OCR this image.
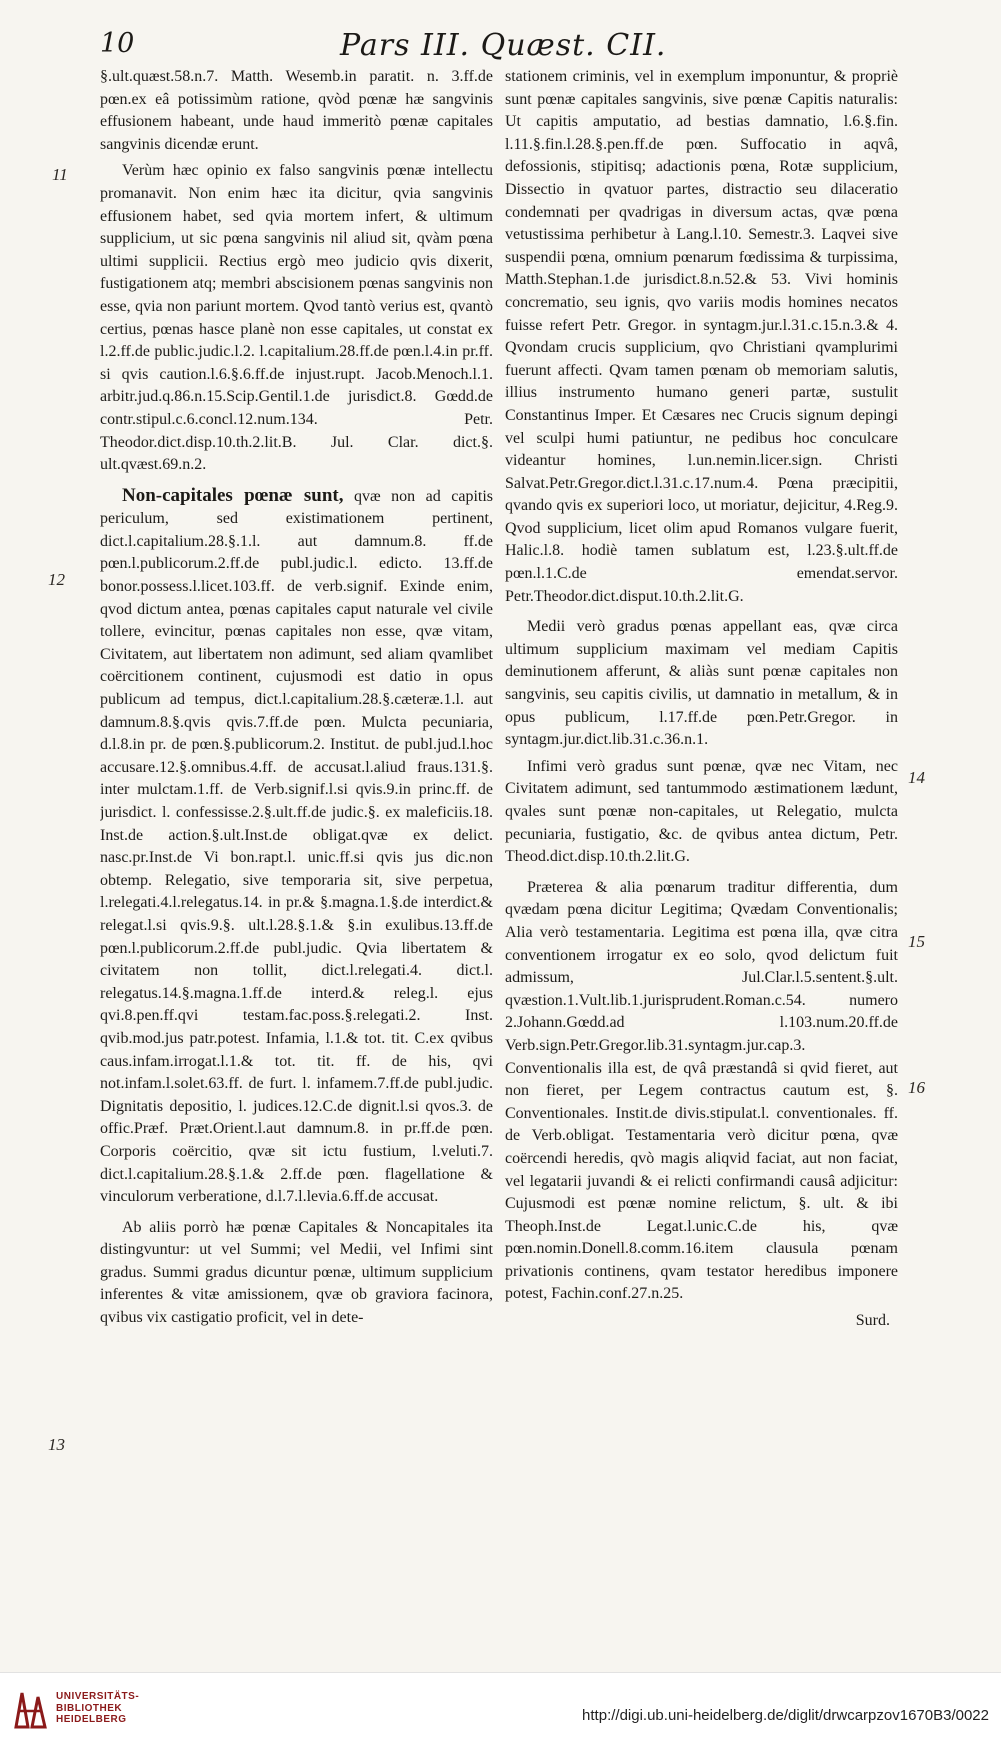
10	Pars III. Quæst. CII.
11
12
13
14
15
16

§.ult.quæst.58.n.7. Matth. Wesemb.in paratit. n. 3.ff.de pœn.ex eâ potissimùm ratione, qvòd pœnæ hæ sangvinis effusionem habeant, unde haud immeritò pœnæ capitales sangvinis dicendæ erunt.

Verùm hæc opinio ex falso sangvinis pœnæ intellectu promanavit. Non enim hæc ita dicitur, qvia sangvinis effusionem habet, sed qvia mortem infert, & ultimum supplicium, ut sic pœna sangvinis nil aliud sit, qvàm pœna ultimi supplicii. Rectius ergò meo judicio qvis dixerit, fustigationem atq; membri abscisionem pœnas sangvinis non esse, qvia non pariunt mortem. Qvod tantò verius est, qvantò certius, pœnas hasce planè non esse capitales, ut constat ex l.2.ff.de public.judic.l.2. l.capitalium.28.ff.de pœn.l.4.in pr.ff. si qvis caution.l.6.§.6.ff.de injust.rupt. Jacob.Menoch.l.1. arbitr.jud.q.86.n.15.Scip.Gentil.1.de jurisdict.8. Gœdd.de contr.stipul.c.6.concl.12.num.134. Petr. Theodor.dict.disp.10.th.2.lit.B. Jul. Clar. dict.§. ult.qvæst.69.n.2.

Non-capitales pœnæ sunt, qvæ non ad capitis periculum, sed existimationem pertinent, dict.l.capitalium.28.§.1.l. aut damnum.8. ff.de pœn.l.publicorum.2.ff.de publ.judic.l. edicto. 13.ff.de bonor.possess.l.licet.103.ff. de verb.signif. Exinde enim, qvod dictum antea, pœnas capitales caput naturale vel civile tollere, evincitur, pœnas capitales non esse, qvæ vitam, Civitatem, aut libertatem non adimunt, sed aliam qvamlibet coërcitionem continent, cujusmodi est datio in opus publicum ad tempus, dict.l.capitalium.28.§.cæteræ.1.l. aut damnum.8.§.qvis qvis.7.ff.de pœn. Mulcta pecuniaria, d.l.8.in pr. de pœn.§.publicorum.2. Institut. de publ.jud.l.hoc accusare.12.§.omnibus.4.ff. de accusat.l.aliud fraus.131.§. inter mulctam.1.ff. de Verb.signif.l.si qvis.9.in princ.ff. de jurisdict. l. confessisse.2.§.ult.ff.de judic.§. ex maleficiis.18. Inst.de action.§.ult.Inst.de obligat.qvæ ex delict. nasc.pr.Inst.de Vi bon.rapt.l. unic.ff.si qvis jus dic.non obtemp. Relegatio, sive temporaria sit, sive perpetua, l.relegati.4.l.relegatus.14. in pr.& §.magna.1.§.de interdict.& relegat.l.si qvis.9.§. ult.l.28.§.1.& §.in exulibus.13.ff.de pœn.l.publicorum.2.ff.de publ.judic. Qvia libertatem & civitatem non tollit, dict.l.relegati.4. dict.l. relegatus.14.§.magna.1.ff.de interd.& releg.l. ejus qvi.8.pen.ff.qvi testam.fac.poss.§.relegati.2. Inst. qvib.mod.jus patr.potest. Infamia, l.1.& tot. tit. C.ex qvibus caus.infam.irrogat.l.1.& tot. tit. ff. de his, qvi not.infam.l.solet.63.ff. de furt. l. infamem.7.ff.de publ.judic. Dignitatis depositio, l. judices.12.C.de dignit.l.si qvos.3. de offic.Præf. Præt.Orient.l.aut damnum.8. in pr.ff.de pœn. Corporis coërcitio, qvæ sit ictu fustium, l.veluti.7. dict.l.capitalium.28.§.1.& 2.ff.de pœn. flagellatione & vinculorum verberatione, d.l.7.l.levia.6.ff.de accusat.

Ab aliis porrò hæ pœnæ Capitales & Noncapitales ita distingvuntur: ut vel Summi; vel Medii, vel Infimi sint gradus. Summi gradus dicuntur pœnæ, ultimum supplicium inferentes & vitæ amissionem, qvæ ob graviora facinora, qvibus vix castigatio proficit, vel in dete-

stationem criminis, vel in exemplum imponuntur, & propriè sunt pœnæ capitales sangvinis, sive pœnæ Capitis naturalis: Ut capitis amputatio, ad bestias damnatio, l.6.§.fin. l.11.§.fin.l.28.§.pen.ff.de pœn. Suffocatio in aqvâ, defossionis, stipitisq; adactionis pœna, Rotæ supplicium, Dissectio in qvatuor partes, distractio seu dilaceratio condemnati per qvadrigas in diversum actas, qvæ pœna vetustissima perhibetur à Lang.l.10. Semestr.3. Laqvei sive suspendii pœna, omnium pœnarum fœdissima & turpissima, Matth.Stephan.1.de jurisdict.8.n.52.& 53. Vivi hominis concrematio, seu ignis, qvo variis modis homines necatos fuisse refert Petr. Gregor. in syntagm.jur.l.31.c.15.n.3.& 4. Qvondam crucis supplicium, qvo Christiani qvamplurimi fuerunt affecti. Qvam tamen pœnam ob memoriam salutis, illius instrumento humano generi partæ, sustulit Constantinus Imper. Et Cæsares nec Crucis signum depingi vel sculpi humi patiuntur, ne pedibus hoc conculcare videantur homines, l.un.nemin.licer.sign. Christi Salvat.Petr.Gregor.dict.l.31.c.17.num.4. Pœna præcipitii, qvando qvis ex superiori loco, ut moriatur, dejicitur, 4.Reg.9. Qvod supplicium, licet olim apud Romanos vulgare fuerit, Halic.l.8. hodiè tamen sublatum est, l.23.§.ult.ff.de pœn.l.1.C.de emendat.servor. Petr.Theodor.dict.disput.10.th.2.lit.G.

Medii verò gradus pœnas appellant eas, qvæ circa ultimum supplicium maximam vel mediam Capitis deminutionem afferunt, & aliàs sunt pœnæ capitales non sangvinis, seu capitis civilis, ut damnatio in metallum, & in opus publicum, l.17.ff.de pœn.Petr.Gregor. in syntagm.jur.dict.lib.31.c.36.n.1.

Infimi verò gradus sunt pœnæ, qvæ nec Vitam, nec Civitatem adimunt, sed tantummodo æstimationem lædunt, qvales sunt pœnæ non-capitales, ut Relegatio, mulcta pecuniaria, fustigatio, &c. de qvibus antea dictum, Petr. Theod.dict.disp.10.th.2.lit.G.

Præterea & alia pœnarum traditur differentia, dum qvædam pœna dicitur Legitima; Qvædam Conventionalis; Alia verò testamentaria. Legitima est pœna illa, qvæ citra conventionem irrogatur ex eo solo, qvod delictum fuit admissum, Jul.Clar.l.5.sentent.§.ult. qvæstion.1.Vult.lib.1.jurisprudent.Roman.c.54. numero 2.Johann.Gœdd.ad l.103.num.20.ff.de Verb.sign.Petr.Gregor.lib.31.syntagm.jur.cap.3. Conventionalis illa est, de qvâ præstandâ si qvid fieret, aut non fieret, per Legem contractus cautum est, §. Conventionales. Instit.de divis.stipulat.l. conventionales. ff. de Verb.obligat. Testamentaria verò dicitur pœna, qvæ coërcendi heredis, qvò magis aliqvid faciat, aut non faciat, vel legatarii juvandi & ei relicti confirmandi causâ adjicitur: Cujusmodi est pœnæ nomine relictum, §. ult. & ibi Theoph.Inst.de Legat.l.unic.C.de his, qvæ pœn.nomin.Donell.8.comm.16.item clausula pœnam privationis continens, qvam testator heredibus imponere potest, Fachin.conf.27.n.25.

Surd.

UNIVERSITÄTS-
BIBLIOTHEK
HEIDELBERG	http://digi.ub.uni-heidelberg.de/diglit/drwcarpzov1670B3/0022
